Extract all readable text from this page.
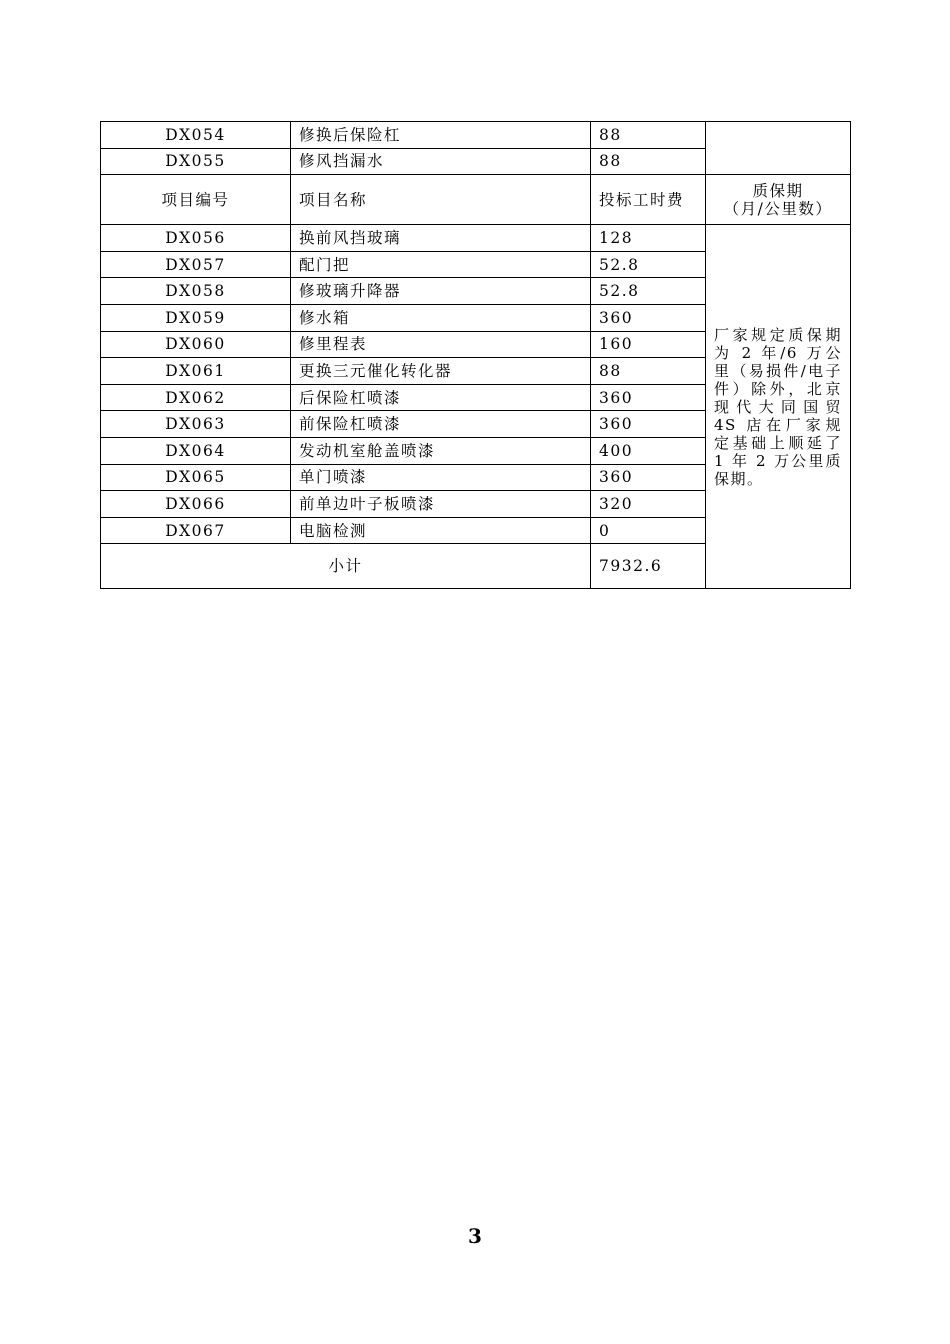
DX054	修换后保险杠	88	
DX055	修风挡漏水	88	
项目编号	项目名称	投标工时费	质保期
（月/公里数）

DX056	换前风挡玻璃	128	厂家规定质保期为 2 年/6 万公里（易损件/电子件）除外，北京现代大同国贸 4S 店在厂家规定基础上顺延了 1 年 2 万公里质保期。
DX057	配门把	52.8	
DX058	修玻璃升降器	52.8	
DX059	修水箱	360	
DX060	修里程表	160	
DX061	更换三元催化转化器	88	
DX062	后保险杠喷漆	360	
DX063	前保险杠喷漆	360	
DX064	发动机室舱盖喷漆	400	
DX065	单门喷漆	360	
DX066	前单边叶子板喷漆	320	
DX067	电脑检测	0	
小计		7932.6	
3
